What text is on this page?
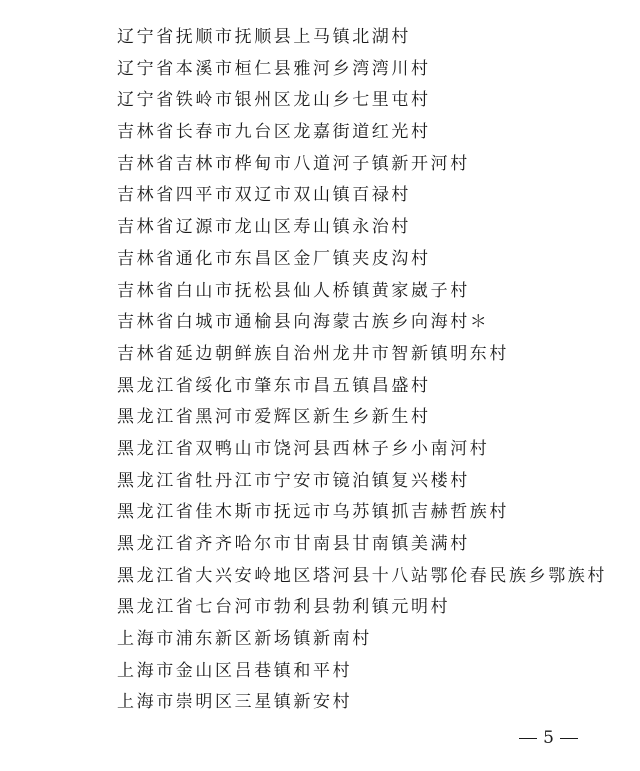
辽宁省抚顺市抚顺县上马镇北湖村
辽宁省本溪市桓仁县雅河乡湾湾川村
辽宁省铁岭市银州区龙山乡七里屯村
吉林省长春市九台区龙嘉街道红光村
吉林省吉林市桦甸市八道河子镇新开河村
吉林省四平市双辽市双山镇百禄村
吉林省辽源市龙山区寿山镇永治村
吉林省通化市东昌区金厂镇夹皮沟村
吉林省白山市抚松县仙人桥镇黄家崴子村
吉林省白城市通榆县向海蒙古族乡向海村＊
吉林省延边朝鲜族自治州龙井市智新镇明东村
黑龙江省绥化市肇东市昌五镇昌盛村
黑龙江省黑河市爱辉区新生乡新生村
黑龙江省双鸭山市饶河县西林子乡小南河村
黑龙江省牡丹江市宁安市镜泊镇复兴楼村
黑龙江省佳木斯市抚远市乌苏镇抓吉赫哲族村
黑龙江省齐齐哈尔市甘南县甘南镇美满村
黑龙江省大兴安岭地区塔河县十八站鄂伦春民族乡鄂族村
黑龙江省七台河市勃利县勃利镇元明村
上海市浦东新区新场镇新南村
上海市金山区吕巷镇和平村
上海市崇明区三星镇新安村
5
